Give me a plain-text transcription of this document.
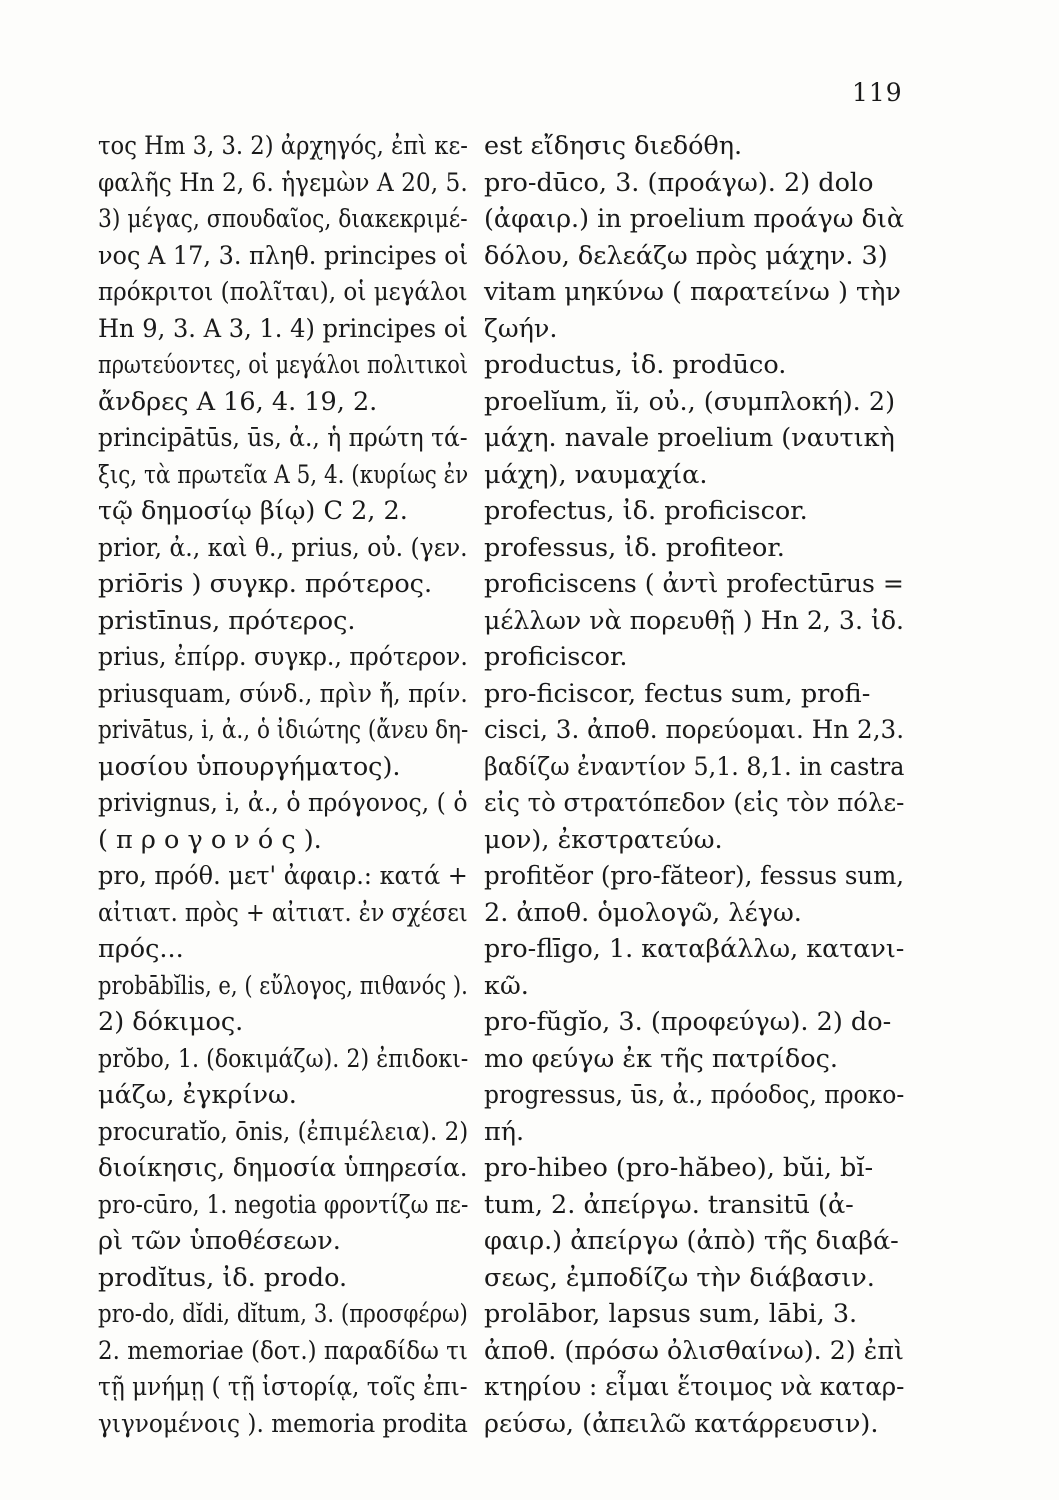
119
τος Hm 3, 3. 2) ἀρχηγός, ἐπὶ κε-
φαλῆς Hn 2, 6. ἡγεμὼν A 20, 5.
3) μέγας, σπουδαῖος, διακεκριμέ-
νος A 17, 3. πληθ. principes οἱ
πρόκριτοι (πολῖται), οἱ μεγάλοι
Hn 9, 3. A 3, 1. 4) principes οἱ
πρωτεύοντες, οἱ μεγάλοι πολιτικοὶ
ἄνδρες A 16, 4. 19, 2.
principātūs, ūs, ἀ., ἡ πρώτη τά-
ξις, τὰ πρωτεῖα A 5, 4. (κυρίως ἐν
τῷ δημοσίῳ βίῳ) C 2, 2.
prior, ἀ., καὶ θ., prius, οὐ. (γεν.
priōris ) συγκρ. πρότερος.
pristīnus, πρότερος.
prius, ἐπίρρ. συγκρ., πρότερον.
priusquam, σύνδ., πρὶν ἤ, πρίν.
privātus, i, ἀ., ὁ ἰδιώτης (ἄνευ δη-
μοσίου ὑπουργήματος).
privignus, i, ἀ., ὁ πρόγονος, ( ὁ
( π ρ ο γ ο ν ό ς ).
pro, πρόθ. μετ' ἀφαιρ.: κατά +
αἰτιατ. πρὸς + αἰτιατ. ἐν σχέσει
πρός...
probābĭlis, e, ( εὔλογος, πιθανός ).
2) δόκιμος.
prŏbo, 1. (δοκιμάζω). 2) ἐπιδοκι-
μάζω, ἐγκρίνω.
procuratĭo, ōnis, (ἐπιμέλεια). 2)
διοίκησις, δημοσία ὑπηρεσία.
pro-cūro, 1. negotia φροντίζω πε-
ρὶ τῶν ὑποθέσεων.
prodĭtus, ἰδ. prodo.
pro-do, dĭdi, dĭtum, 3. (προσφέρω)
2. memoriae (δοτ.) παραδίδω τι
τῇ μνήμῃ ( τῇ ἱστορίᾳ, τοῖς ἐπι-
γιγνομένοις ). memoria prodita
est εἴδησις διεδόθη.
pro-dūco, 3. (προάγω). 2) dolo
(ἀφαιρ.) in proelium προάγω διὰ
δόλου, δελεάζω πρὸς μάχην. 3)
vitam μηκύνω ( παρατείνω ) τὴν
ζωήν.
productus, ἰδ. prodūco.
proelĭum, ĭi, οὐ., (συμπλοκή). 2)
μάχη. navale proelium (ναυτικὴ
μάχη), ναυμαχία.
profectus, ἰδ. proficiscor.
professus, ἰδ. profiteor.
proficiscens ( ἀντὶ profectūrus =
μέλλων νὰ πορευθῇ ) Hn 2, 3. ἰδ.
proficiscor.
pro-ficiscor, fectus sum, profi-
cisci, 3. ἀποθ. πορεύομαι. Hn 2,3.
βαδίζω ἐναντίον 5,1. 8,1. in castra
εἰς τὸ στρατόπεδον (εἰς τὸν πόλε-
μον), ἐκστρατεύω.
profitĕor (pro-făteor), fessus sum,
2. ἀποθ. ὁμολογῶ, λέγω.
pro-flīgo, 1. καταβάλλω, κατανι-
κῶ.
pro-fŭgĭo, 3. (προφεύγω). 2) do-
mo φεύγω ἐκ τῆς πατρίδος.
progressus, ūs, ἀ., πρόοδος, προκο-
πή.
pro-hibeo (pro-hăbeo), bŭi, bĭ-
tum, 2. ἀπείργω. transitū (ἀ-
φαιρ.) ἀπείργω (ἀπὸ) τῆς διαβά-
σεως, ἐμποδίζω τὴν διάβασιν.
prolābor, lapsus sum, lābi, 3.
ἀποθ. (πρόσω ὀλισθαίνω). 2) ἐπὶ
κτηρίου : εἶμαι ἕτοιμος νὰ καταρ-
ρεύσω, (ἀπειλῶ κατάρρευσιν).
